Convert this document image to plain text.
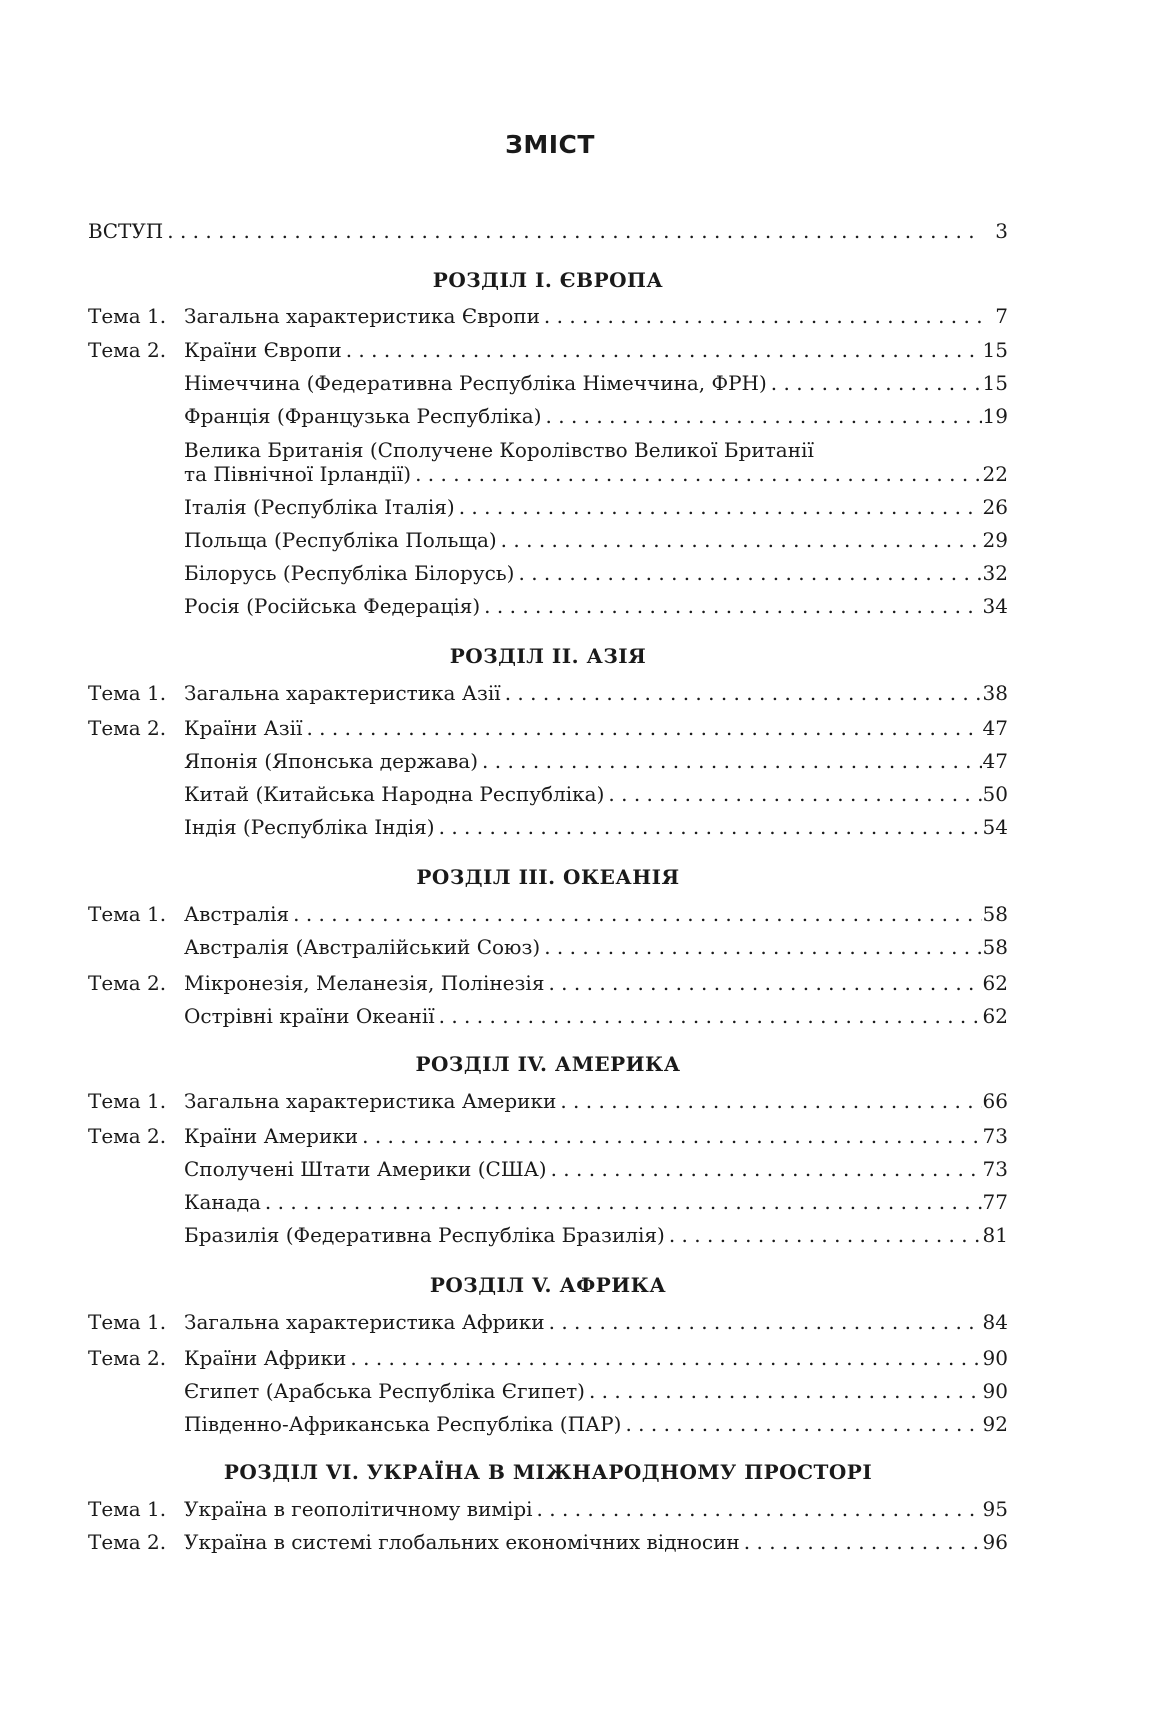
ЗМІСТ
ВСТУП . . .	3
РОЗДІЛ І. ЄВРОПА
Тема 1. Загальна характеристика Європи . . .	7
Тема 2. Країни Європи . . .	15
Німеччина (Федеративна Республіка Німеччина, ФРН) . . .	15
Франція (Французька Республіка) . . .	19
Велика Британія (Сполучене Королівство Великої Британії
та Північної Ірландії) . . .	22
Італія (Республіка Італія) . . .	26
Польща (Республіка Польща) . . .	29
Білорусь (Республіка Білорусь) . . .	32
Росія (Російська Федерація) . . .	34
РОЗДІЛ ІІ. АЗІЯ
Тема 1. Загальна характеристика Азії . . .	38
Тема 2. Країни Азії . . .	47
Японія (Японська держава) . . .	47
Китай (Китайська Народна Республіка) . . .	50
Індія (Республіка Індія) . . .	54
РОЗДІЛ ІІІ. ОКЕАНІЯ
Тема 1. Австралія . . .	58
Австралія (Австралійський Союз) . . .	58
Тема 2. Мікронезія, Меланезія, Полінезія . . .	62
Острівні країни Океанії . . .	62
РОЗДІЛ IV. АМЕРИКА
Тема 1. Загальна характеристика Америки . . .	66
Тема 2. Країни Америки . . .	73
Сполучені Штати Америки (США) . . .	73
Канада . . .	77
Бразилія (Федеративна Республіка Бразилія) . . .	81
РОЗДІЛ V. АФРИКА
Тема 1. Загальна характеристика Африки . . .	84
Тема 2. Країни Африки . . .	90
Єгипет (Арабська Республіка Єгипет) . . .	90
Південно-Африканська Республіка (ПАР) . . .	92
РОЗДІЛ VI. УКРАЇНА В МІЖНАРОДНОМУ ПРОСТОРІ
Тема 1. Україна в геополітичному вимірі . . .	95
Тема 2. Україна в системі глобальних економічних відносин . . .	96
